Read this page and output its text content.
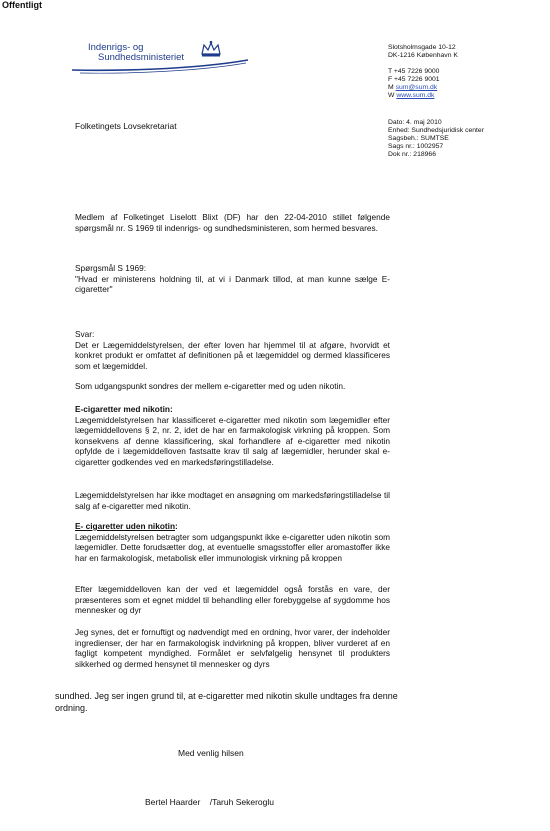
Offentligt
Indenrigs- og
Sundhedsministeriet
Slotsholmsgade 10-12
DK-1216 København K
T +45 7226 9000
F +45 7226 9001
M sum@sum.dk
W www.sum.dk
Folketingets Lovsekretariat	Dato: 4. maj 2010
Enhed: Sundhedsjuridisk center
Sagsbeh.: SUMTSE
Sags nr.: 1002957
Dok nr.: 218966

Medlem af Folketinget Liselott Blixt (DF) har den 22-04-2010 stillet følgende spørgsmål nr. S 1969 til indenrigs- og sundhedsministeren, som hermed besvares.

Spørgsmål S 1969:

"Hvad er ministerens holdning til, at vi i Danmark tillod, at man kunne sælge E-cigaretter"

Svar:

Det er Lægemiddelstyrelsen, der efter loven har hjemmel til at afgøre, hvorvidt et konkret produkt er omfattet af definitionen på et lægemiddel og dermed klassificeres som et lægemiddel.

Som udgangspunkt sondres der mellem e-cigaretter med og uden nikotin.

E-cigaretter med nikotin:

Lægemiddelstyrelsen har klassificeret e-cigaretter med nikotin som lægemidler efter lægemiddellovens § 2, nr. 2, idet de har en farmakologisk virkning på kroppen. Som konsekvens af denne klassificering, skal forhandlere af e-cigaretter med nikotin opfylde de i lægemiddelloven fastsatte krav til salg af lægemidler, herunder skal e-cigaretter godkendes ved en markedsføringstilladelse.

Lægemiddelstyrelsen har ikke modtaget en ansøgning om markedsføringstilladelse til salg af e-cigaretter med nikotin.

E- cigaretter uden nikotin:

Lægemiddelstyrelsen betragter som udgangspunkt ikke e-cigaretter uden nikotin som lægemidler. Dette forudsætter dog, at eventuelle smagsstoffer eller aromastoffer ikke har en farmakologisk, metabolisk eller immunologisk virkning på kroppen

Efter lægemiddelloven kan der ved et lægemiddel også forstås en vare, der præsenteres som et egnet middel til behandling eller forebyggelse af sygdomme hos mennesker og dyr

Jeg synes, det er fornuftigt og nødvendigt med en ordning, hvor varer, der indeholder ingredienser, der har en farmakologisk indvirkning på kroppen, bliver vurderet af en fagligt kompetent myndighed. Formålet er selvfølgelig hensynet til produkters sikkerhed og dermed hensynet til mennesker og dyrs

sundhed. Jeg ser ingen grund til, at e-cigaretter med nikotin skulle undtages fra denne ordning.
Med venlig hilsen
Bertel Haarder    /Taruh Sekeroglu
